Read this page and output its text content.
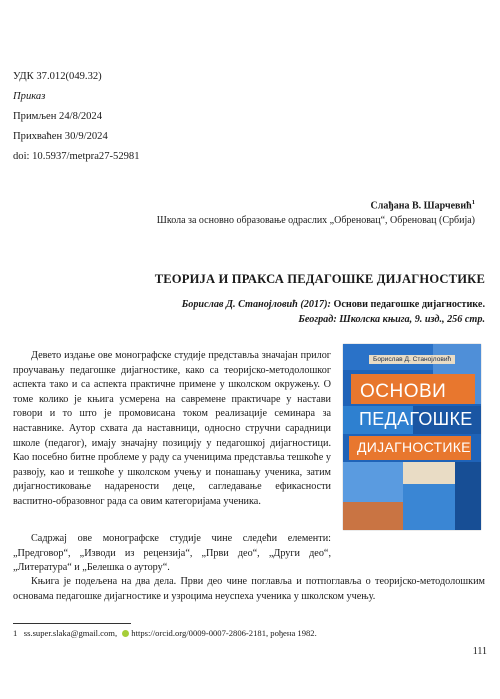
УДК 37.012(049.32)
Приказ
Примљен 24/8/2024
Прихваћен 30/9/2024
doi: 10.5937/metpra27-52981
Слађана В. Шарчевић$^1$
Школа за основно образовање одраслих „Обреновац“, Обреновац (Србија)
ТЕОРИЈА И ПРАКСА ПЕДАГОШКЕ ДИЈАГНОСТИКЕ
Борислав Д. Станојловић (2017): Основи педагошке дијагностике.
Београд: Школска књига, 9. изд., 256 стр.

Девето издање ове монографске студије представља значајан прилог проучавању педагошке дијагностике, како са теоријско-методолошког аспекта тако и са аспекта практичне примене у школском окружењу. О томе колико је књига усмерена на савремене практичаре у настави говори и то што је промовисана током реализације семинара за наставнике. Аутор схвата да наставници, односно стручни сарадници школе (педагог), имају значајну позицију у педагошкој дијагностици. Као посебно битне проблеме у раду са ученицима представља тешкоће у развоју, као и тешкоће у школском учењу и понашању ученика, затим дијагностиковање надарености деце, сагледавање ефикасности васпитно-образовног рада са овим категоријама ученика.

Борислав Д. Станојловић
ОСНОВИ
ПЕДАГОШКЕ
ДИЈАГНОСТИКЕ

Садржај ове монографске студије чине следећи елементи: „Предговор“, „Изводи из рецензија“, „Први део“, „Други део“, „Литература“ и „Белешка о аутору“.

Књига је подељена на два дела. Први део чине поглавља и потпоглавља о теоријско-методолошким основама педагошке дијагностике и узроцима неуспеха ученика у школском учењу.

1 ss.super.slaka@gmail.com, https://orcid.org/0009-0007-2806-2181, рођена 1982.
111
